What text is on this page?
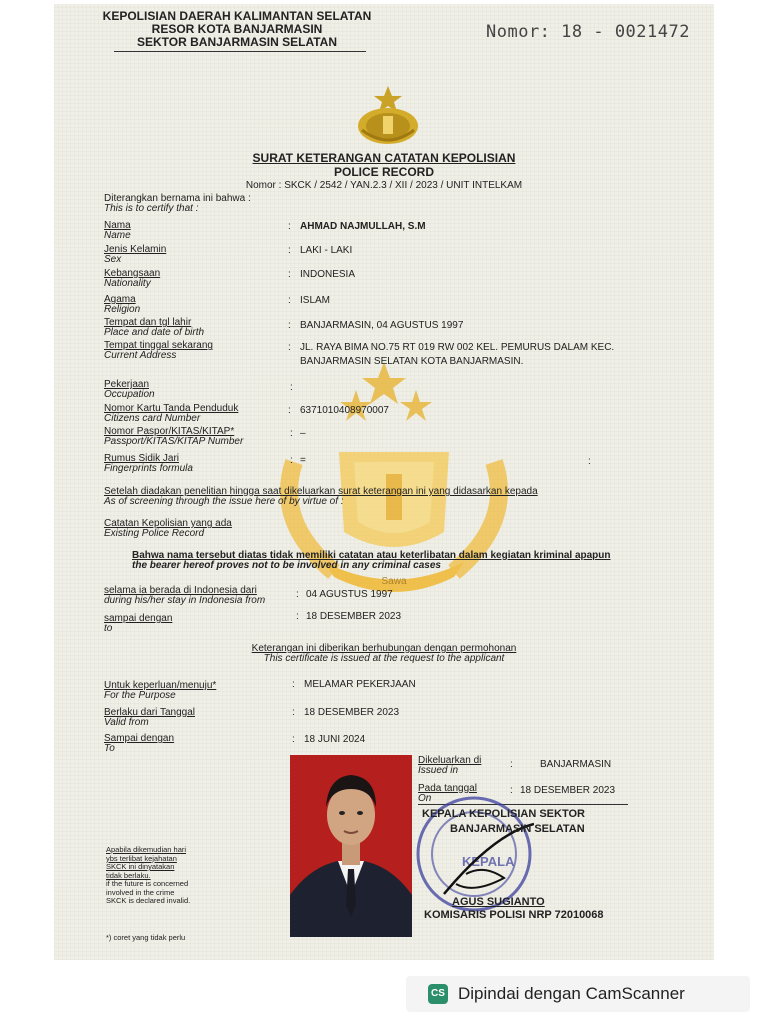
KEPOLISIAN DAERAH KALIMANTAN SELATAN
RESOR KOTA BANJARMASIN
SEKTOR BANJARMASIN SELATAN	Nomor: 18 - 0021472
SURAT KETERANGAN CATATAN KEPOLISIAN
POLICE RECORD
Nomor : SKCK / 2542 / YAN.2.3 / XII / 2023 / UNIT INTELKAM
Diterangkan bernama ini bahwa :
This is to certify that :
Sawa
Nama
Name
: AHMAD NAJMULLAH, S.M
Jenis Kelamin
Sex
: LAKI - LAKI
Kebangsaan
Nationality
: INDONESIA
Agama
Religion
: ISLAM
Tempat dan tgl lahir
Place and date of birth
: BANJARMASIN, 04 AGUSTUS 1997
Tempat tinggal sekarang
Current Address
: JL. RAYA BIMA NO.75 RT 019 RW 002 KEL. PEMURUS DALAM KEC.
BANJARMASIN SELATAN KOTA BANJARMASIN.
Pekerjaan
Occupation
:
Nomor Kartu Tanda Penduduk
Citizens card Number
: 6371010408970007
Nomor Paspor/KITAS/KITAP*
Passport/KITAS/KITAP Number
: –
Rumus Sidik Jari
Fingerprints formula
: =	:
Setelah diadakan penelitian hingga saat dikeluarkan surat keterangan ini yang didasarkan kepada
As of screening through the issue here of by virtue of :
Catatan Kepolisian yang ada
Existing Police Record
Bahwa nama tersebut diatas tidak memiliki catatan atau keterlibatan dalam kegiatan kriminal apapun
the bearer hereof proves not to be involved in any criminal cases
selama ia berada di Indonesia dari
during his/her stay in Indonesia from
: 04 AGUSTUS 1997
sampai dengan
to
: 18 DESEMBER 2023
Keterangan ini diberikan berhubungan dengan permohonan
This certificate is issued at the request to the applicant
Untuk keperluan/menuju*
For the Purpose
: MELAMAR PEKERJAAN
Berlaku dari Tanggal
Valid from
: 18 DESEMBER 2023
Sampai dengan
To
: 18 JUNI 2024
Dikeluarkan di
Issued in
:	BANJARMASIN
Pada tanggal
On
: 18 DESEMBER 2023
KEPALA
KEPALA KEPOLISIAN SEKTOR
BANJARMASIN SELATAN
AGUS SUGIANTO
KOMISARIS POLISI NRP 72010068
Apabila dikemudian hari
ybs terlibat kejahatan
SKCK ini dinyatakan
tidak berlaku.
if the future is concerned
involved in the crime
SKCK is declared invalid.
*) coret yang tidak perlu
CS Dipindai dengan CamScanner
